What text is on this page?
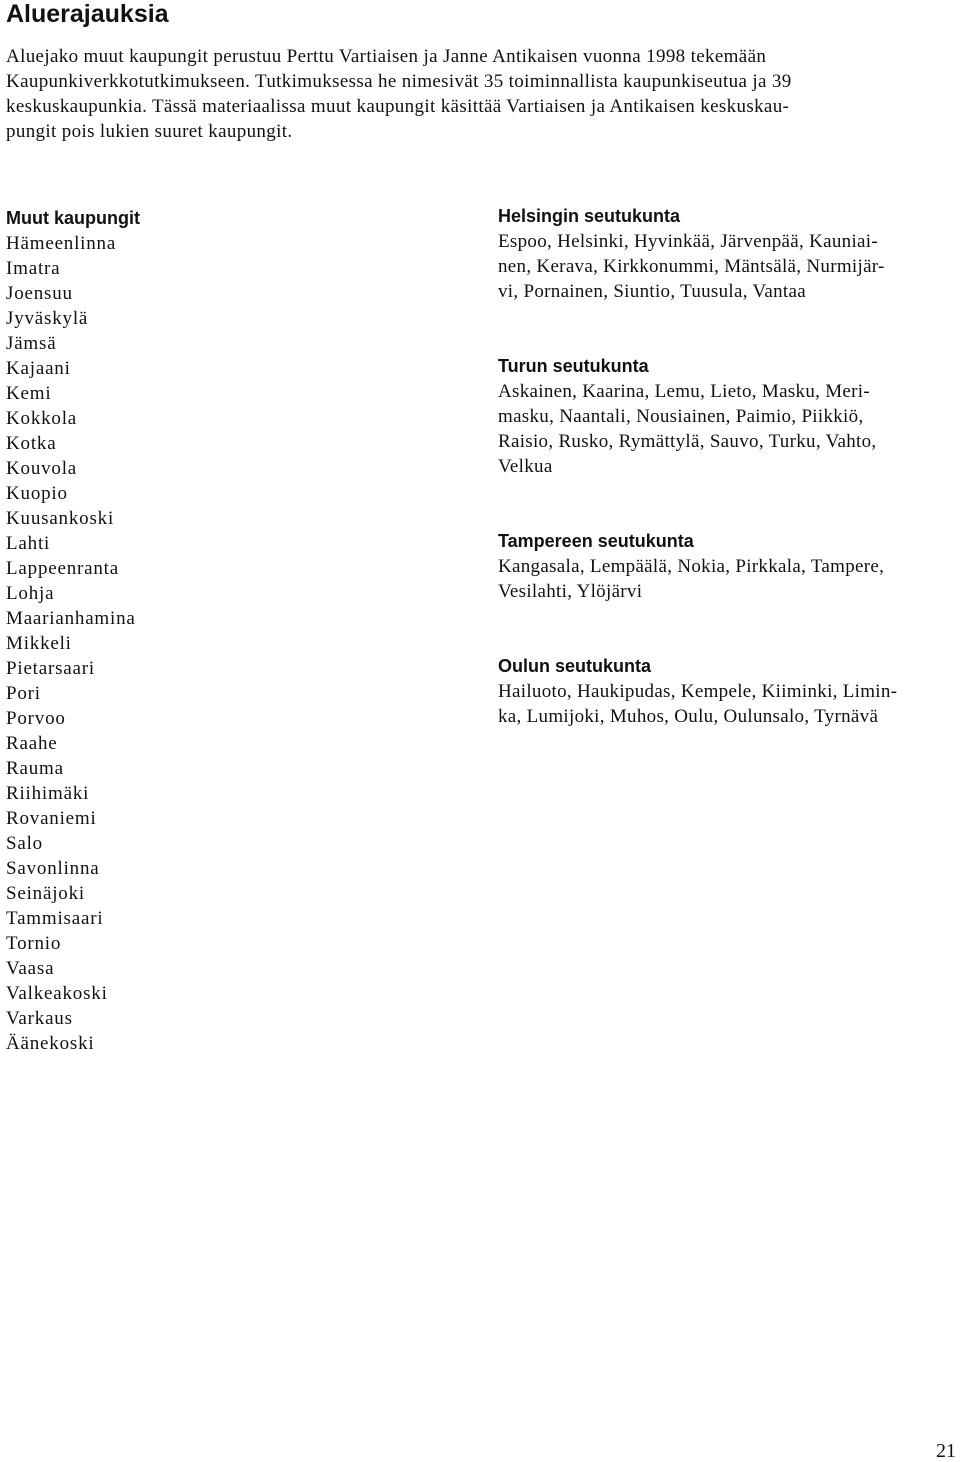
Aluerajauksia

Aluejako muut kaupungit perustuu Perttu Vartiaisen ja Janne Antikaisen vuonna 1998 tekemään
Kaupunkiverkkotutkimukseen. Tutkimuksessa he nimesivät 35 toiminnallista kaupunkiseutua ja 39
keskuskaupunkia. Tässä materiaalissa muut kaupungit käsittää Vartiaisen ja Antikaisen keskuskau-
pungit pois lukien suuret kaupungit.

Muut kaupungit
Hämeenlinna
Imatra
Joensuu
Jyväskylä
Jämsä
Kajaani
Kemi
Kokkola
Kotka
Kouvola
Kuopio
Kuusankoski
Lahti
Lappeenranta
Lohja
Maarianhamina
Mikkeli
Pietarsaari
Pori
Porvoo
Raahe
Rauma
Riihimäki
Rovaniemi
Salo
Savonlinna
Seinäjoki
Tammisaari
Tornio
Vaasa
Valkeakoski
Varkaus
Äänekoski
Helsingin seutukunta
Espoo, Helsinki, Hyvinkää, Järvenpää, Kauniai-
nen, Kerava, Kirkkonummi, Mäntsälä, Nurmijär-
vi, Pornainen, Siuntio, Tuusula, Vantaa
Turun seutukunta
Askainen, Kaarina, Lemu, Lieto, Masku, Meri-
masku, Naantali, Nousiainen, Paimio, Piikkiö,
Raisio, Rusko, Rymättylä, Sauvo, Turku, Vahto,
Velkua
Tampereen seutukunta
Kangasala, Lempäälä, Nokia, Pirkkala, Tampere,
Vesilahti, Ylöjärvi
Oulun seutukunta
Hailuoto, Haukipudas, Kempele, Kiiminki, Limin-
ka, Lumijoki, Muhos, Oulu, Oulunsalo, Tyrnävä
21
